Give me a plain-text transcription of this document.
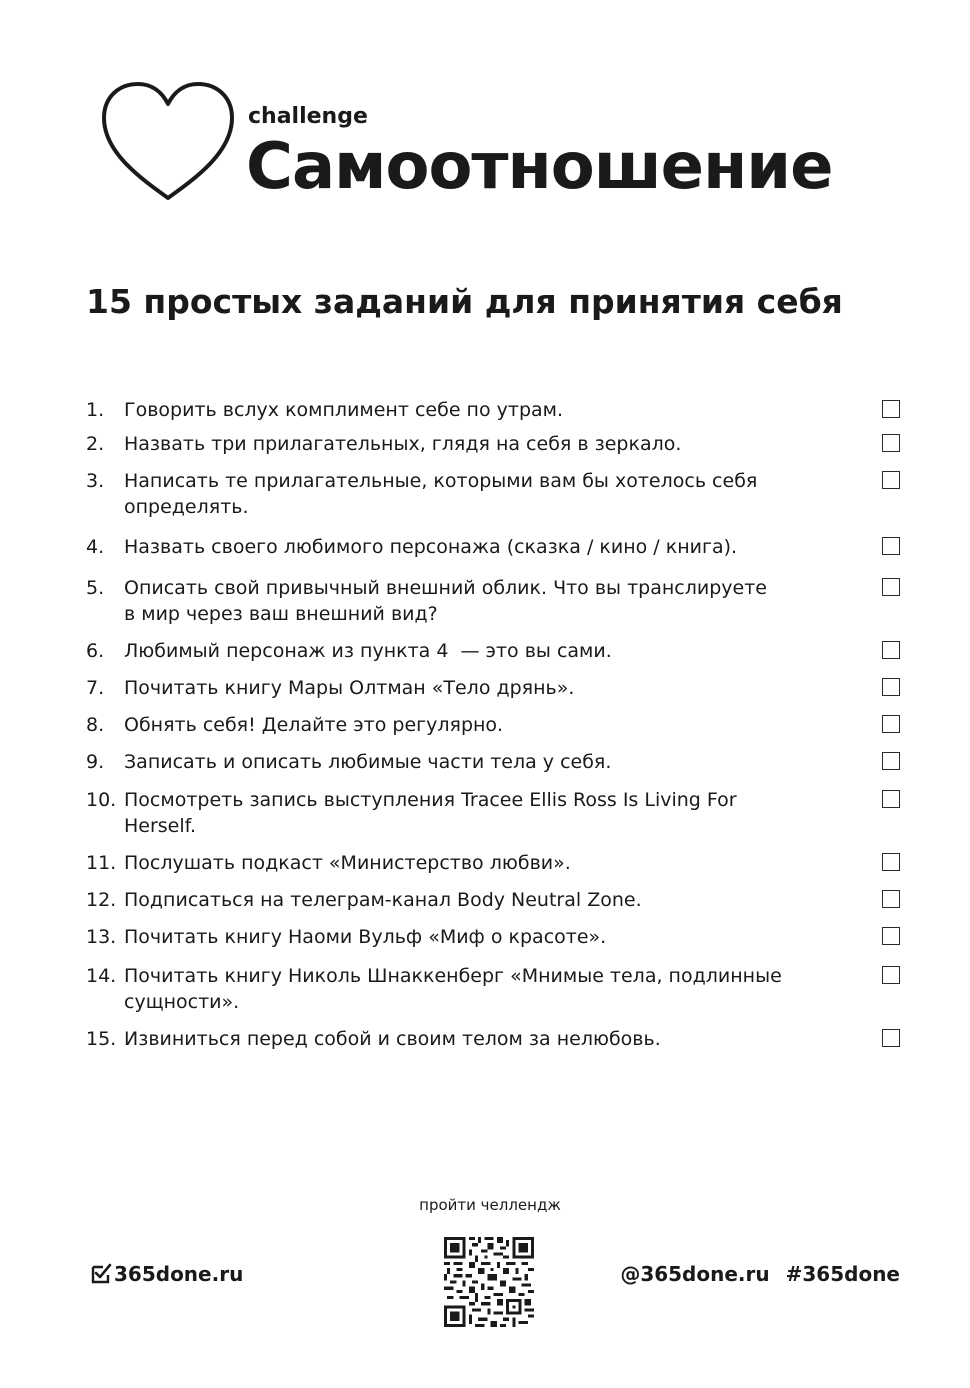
challenge
Самоотношение
15 простых заданий для принятия себя
1.	Говорить вслух комплимент себе по утрам.
2.	Назвать три прилагательных, глядя на себя в зеркало.
3.	Написать те прилагательные, которыми вам бы хотелось себя определять.
4.	Назвать своего любимого персонажа (сказка / кино / книга).
5.	Описать свой привычный внешний облик. Что вы транслируете в мир через ваш внешний вид?
6.	Любимый персонаж из пункта 4  — это вы сами.
7.	Почитать книгу Мары Олтман «Тело дрянь».
8.	Обнять себя! Делайте это регулярно.
9.	Записать и описать любимые части тела у себя.
10. Посмотреть запись выступления Tracee Ellis Ross Is Living For Herself.
11. Послушать подкаст «Министерство любви».
12. Подписаться на телеграм-канал Body Neutral Zone.
13. Почитать книгу Наоми Вульф «Миф о красоте».
14. Почитать книгу Николь Шнаккенберг «Мнимые тела, подлинные сущности».
15. Извиниться перед собой и своим телом за нелюбовь.
пройти челлендж
365done.ru	@365done.ru #365done
